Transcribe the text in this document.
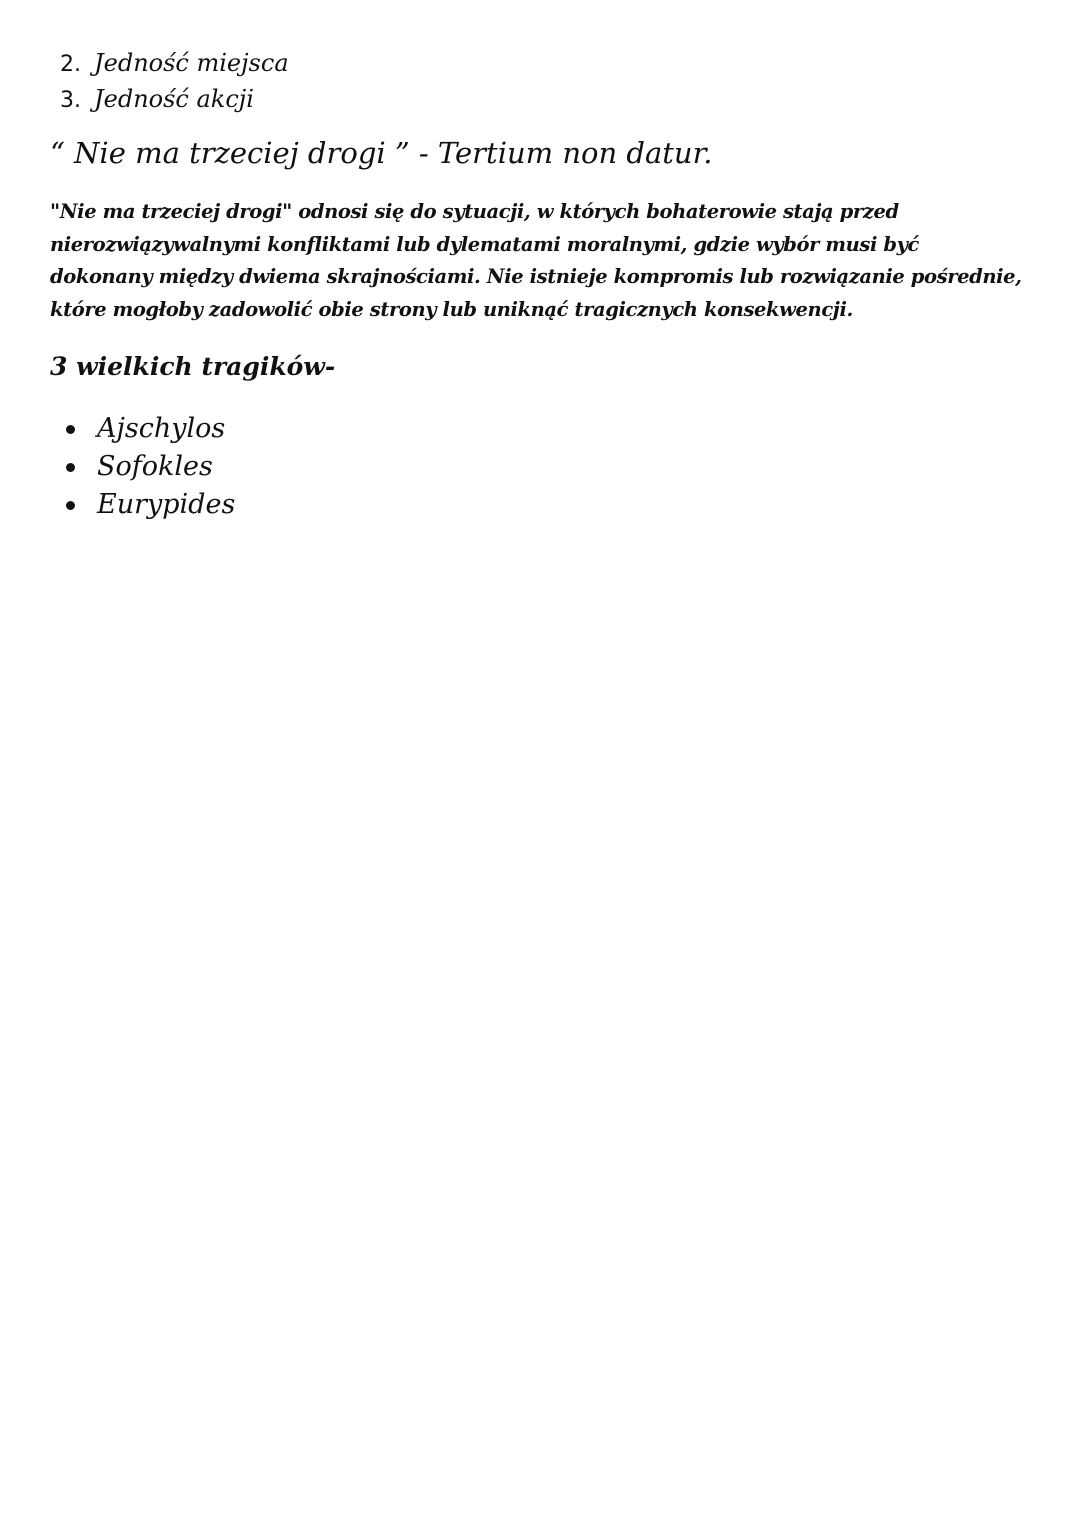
2. Jedność miejsca
3. Jedność akcji
“ Nie ma trzeciej drogi ” - Tertium non datur.

"Nie ma trzeciej drogi" odnosi się do sytuacji, w których bohaterowie stają przed nierozwiązywalnymi konfliktami lub dylematami moralnymi, gdzie wybór musi być dokonany między dwiema skrajnościami. Nie istnieje kompromis lub rozwiązanie pośrednie, które mogłoby zadowolić obie strony lub uniknąć tragicznych konsekwencji.

3 wielkich tragików-
Ajschylos
Sofokles
Eurypides
